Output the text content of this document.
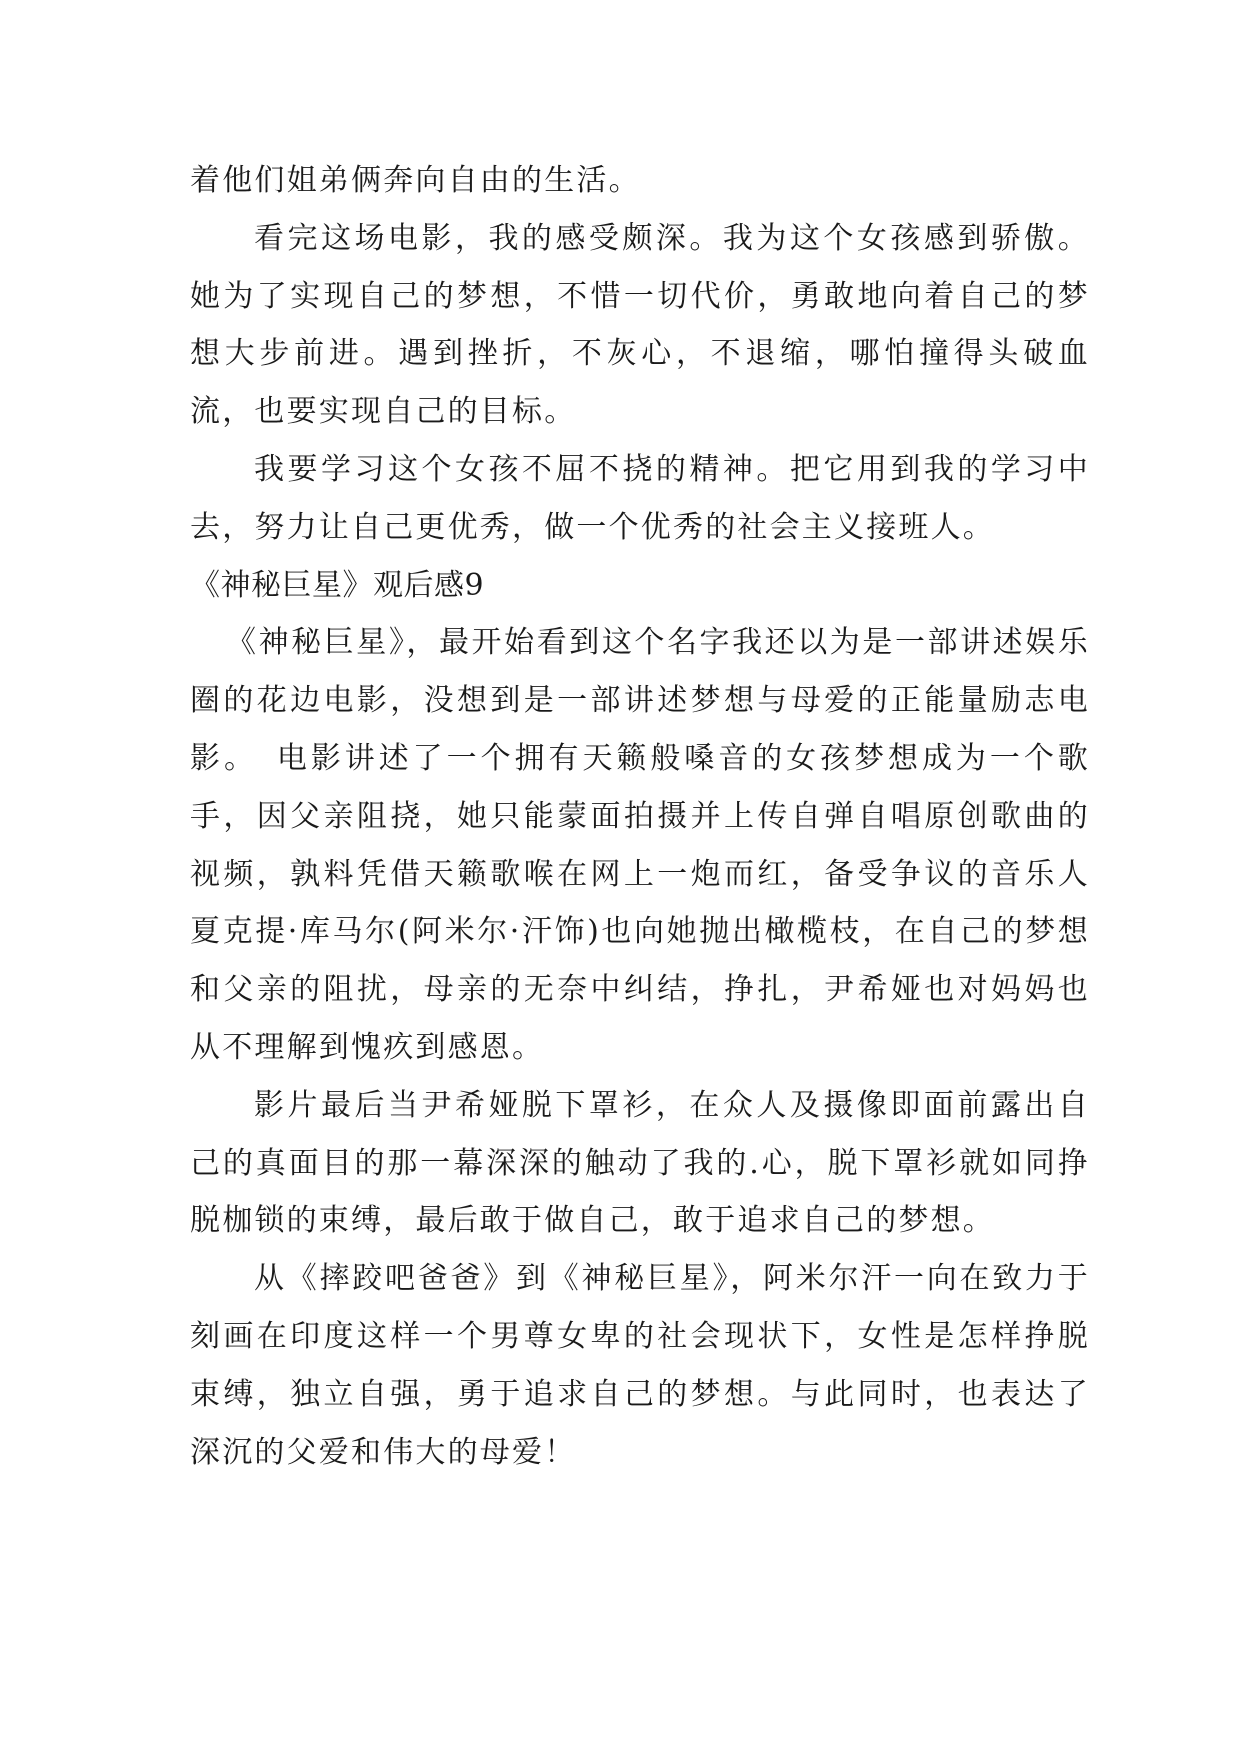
着他们姐弟俩奔向自由的生活。

看完这场电影，我的感受颇深。我为这个女孩感到骄傲。她为了实现自己的梦想，不惜一切代价，勇敢地向着自己的梦想大步前进。遇到挫折，不灰心，不退缩，哪怕撞得头破血流，也要实现自己的目标。

我要学习这个女孩不屈不挠的精神。把它用到我的学习中去，努力让自己更优秀，做一个优秀的社会主义接班人。

《神秘巨星》观后感9

《神秘巨星》，最开始看到这个名字我还以为是一部讲述娱乐圈的花边电影，没想到是一部讲述梦想与母爱的正能量励志电影。　电影讲述了一个拥有天籁般嗓音的女孩梦想成为一个歌手，因父亲阻挠，她只能蒙面拍摄并上传自弹自唱原创歌曲的视频，孰料凭借天籁歌喉在网上一炮而红，备受争议的音乐人夏克提·库马尔(阿米尔·汗饰)也向她抛出橄榄枝，在自己的梦想和父亲的阻扰，母亲的无奈中纠结，挣扎，尹希娅也对妈妈也从不理解到愧疚到感恩。

影片最后当尹希娅脱下罩衫，在众人及摄像即面前露出自己的真面目的那一幕深深的触动了我的.心，脱下罩衫就如同挣脱枷锁的束缚，最后敢于做自己，敢于追求自己的梦想。

从《摔跤吧爸爸》到《神秘巨星》，阿米尔汗一向在致力于刻画在印度这样一个男尊女卑的社会现状下，女性是怎样挣脱束缚，独立自强，勇于追求自己的梦想。与此同时，也表达了深沉的父爱和伟大的母爱！
